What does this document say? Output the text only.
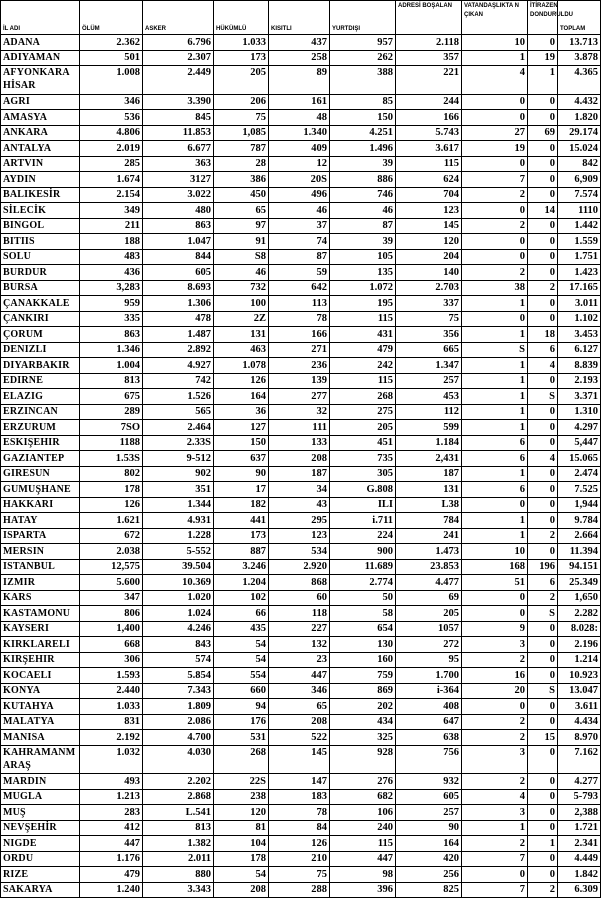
İL ADI	ÖLÜM	ASKER	HÜKÜMLÜ	KISITLI	YURTDIŞI	ADRESİ BOŞALAN	VATANDAŞLIKTA N ÇIKAN	İTİRAZEN DONDURULDU	TOPLAM
ADANA	2.362	6.796	1.033	437	957	2.118	10	0	13.713
ADIYAMAN	501	2.307	173	258	262	357	1	19	3.878
AFYONKARAHİSAR	1.008	2.449	205	89	388	221	4	1	4.365
AGRI	346	3.390	206	161	85	244	0	0	4.432
AMASYA	536	845	75	48	150	166	0	0	1.820
ANKARA	4.806	11.853	1,085	1.340	4.251	5.743	27	69	29.174
ANTALYA	2.019	6.677	787	409	1.496	3.617	19	0	15.024
ARTVIN	285	363	28	12	39	115	0	0	842
AYDIN	1.674	3127	386	20S	886	624	7	0	6,909
BALIKESİR	2.154	3.022	450	496	746	704	2	0	7.574
SİLECİK	349	480	65	46	46	123	0	14	1110
BINGOL	211	863	97	37	87	145	2	0	1.442
BITIIS	188	1.047	91	74	39	120	0	0	1.559
SOLU	483	844	S8	87	105	204	0	0	1.751
BURDUR	436	605	46	59	135	140	2	0	1.423
BURSA	3,283	8.693	732	642	1.072	2.703	38	2	17.165
ÇANAKKALE	959	1.306	100	113	195	337	1	0	3.011
ÇANKIRI	335	478	2Z	78	115	75	0	0	1.102
ÇORUM	863	1.487	131	166	431	356	1	18	3.453
DENIZLI	1.346	2.892	463	271	479	665	S	6	6.127
DIYARBAKIR	1.004	4.927	1.078	236	242	1.347	1	4	8.839
EDIRNE	813	742	126	139	115	257	1	0	2.193
ELAZIG	675	1.526	164	277	268	453	1	S	3.371
ERZINCAN	289	565	36	32	275	112	1	0	1.310
ERZURUM	7SO	2.464	127	111	205	599	1	0	4.297
ESKIŞEHIR	1188	2.33S	150	133	451	1.184	6	0	5,447
GAZIANTEP	1.53S	9-512	637	208	735	2,431	6	4	15.065
GIRESUN	802	902	90	187	305	187	1	0	2.474
GUMUŞHANE	178	351	17	34	G.808	131	6	0	7.525
HAKKARI	126	1.344	182	43	ILI	L38	0	0	1,944
HATAY	1.621	4.931	441	295	i.711	784	1	0	9.784
ISPARTA	672	1.228	173	123	224	241	1	2	2.664
MERSIN	2.038	5-552	887	534	900	1.473	10	0	11.394
ISTANBUL	12,575	39.504	3.246	2.920	11.689	23.853	168	196	94.151
IZMIR	5.600	10.369	1.204	868	2.774	4.477	51	6	25.349
KARS	347	1.020	102	60	50	69	0	2	1,650
KASTAMONU	806	1.024	66	118	58	205	0	S	2.282
KAYSERI	1,400	4.246	435	227	654	1057	9	0	8.028:
KIRKLARELI	668	843	54	132	130	272	3	0	2.196
KIRŞEHIR	306	574	54	23	160	95	2	0	1.214
KOCAELI	1.593	5.854	554	447	759	1.700	16	0	10.923
KONYA	2.440	7.343	660	346	869	i-364	20	S	13.047
KUTAHYA	1.033	1.809	94	65	202	408	0	0	3.611
MALATYA	831	2.086	176	208	434	647	2	0	4.434
MANISA	2.192	4.700	531	522	325	638	2	15	8.970
KAHRAMANMARAŞ	1.032	4.030	268	145	928	756	3	0	7.162
MARDIN	493	2.202	22S	147	276	932	2	0	4.277
MUGLA	1.213	2.868	238	183	682	605	4	0	5-793
MUŞ	283	L.541	120	78	106	257	3	0	2,388
NEVŞEHİR	412	813	81	84	240	90	1	0	1.721
NIGDE	447	1.382	104	126	115	164	2	1	2.341
ORDU	1.176	2.011	178	210	447	420	7	0	4.449
RIZE	479	880	54	75	98	256	0	0	1.842
SAKARYA	1.240	3.343	208	288	396	825	7	2	6.309
